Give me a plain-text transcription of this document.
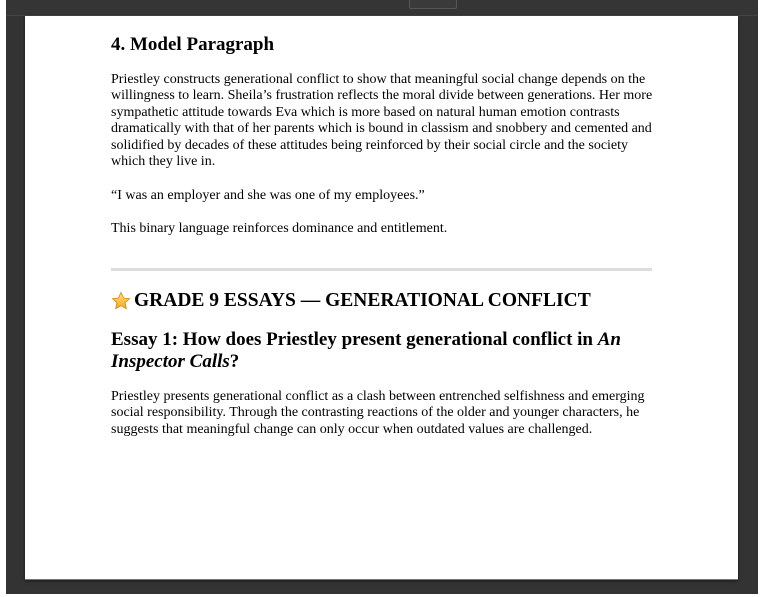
4. Model Paragraph

Priestley constructs generational conflict to show that meaningful social change depends on the willingness to learn. Sheila’s frustration reflects the moral divide between generations. Her more sympathetic attitude towards Eva which is more based on natural human emotion contrasts dramatically with that of her parents which is bound in classism and snobbery and cemented and solidified by decades of these attitudes being reinforced by their social circle and the society which they live in.

“I was an employer and she was one of my employees.”

This binary language reinforces dominance and entitlement.

GRADE 9 ESSAYS — GENERATIONAL CONFLICT
Essay 1: How does Priestley present generational conflict in An Inspector Calls?

Priestley presents generational conflict as a clash between entrenched selfishness and emerging social responsibility. Through the contrasting reactions of the older and younger characters, he suggests that meaningful change can only occur when outdated values are challenged.
